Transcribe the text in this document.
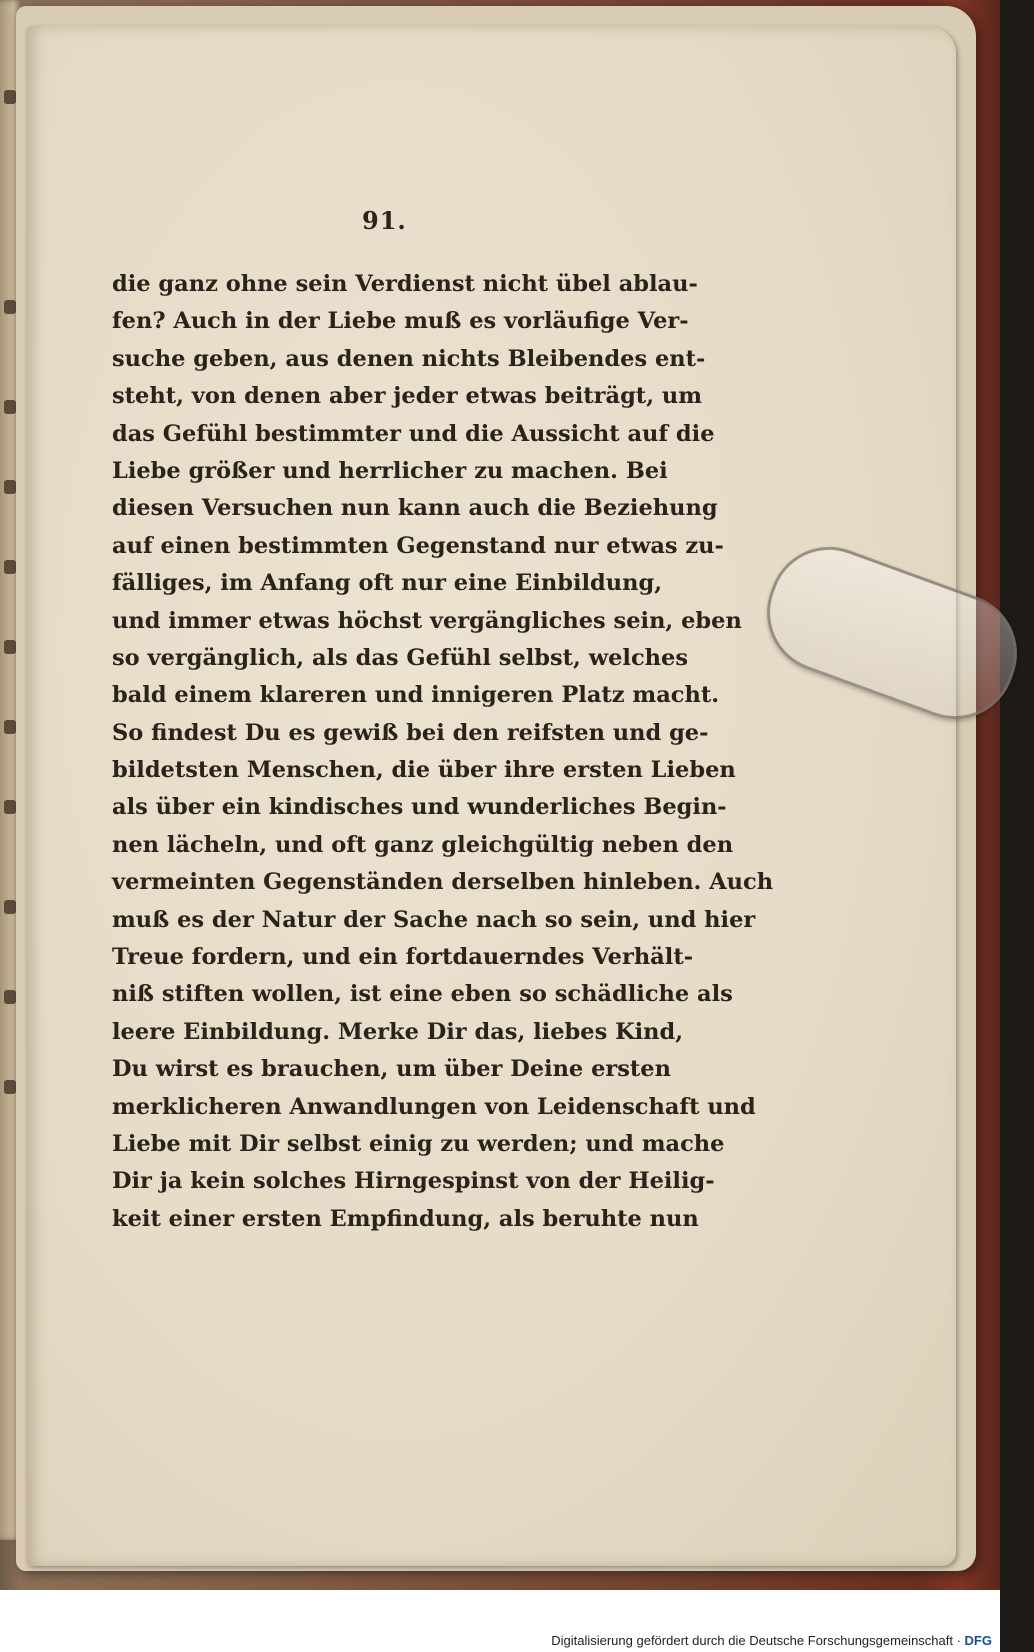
91.
die ganz ohne sein Verdienst nicht übel ablau-
fen? Auch in der Liebe muß es vorläufige Ver-
suche geben, aus denen nichts Bleibendes ent-
steht, von denen aber jeder etwas beiträgt, um
das Gefühl bestimmter und die Aussicht auf die
Liebe größer und herrlicher zu machen. Bei
diesen Versuchen nun kann auch die Beziehung
auf einen bestimmten Gegenstand nur etwas zu-
fälliges, im Anfang oft nur eine Einbildung,
und immer etwas höchst vergängliches sein, eben
so vergänglich, als das Gefühl selbst, welches
bald einem klareren und innigeren Platz macht.
So findest Du es gewiß bei den reifsten und ge-
bildetsten Menschen, die über ihre ersten Lieben
als über ein kindisches und wunderliches Begin-
nen lächeln, und oft ganz gleichgültig neben den
vermeinten Gegenständen derselben hinleben. Auch
muß es der Natur der Sache nach so sein, und hier
Treue fordern, und ein fortdauerndes Verhält-
niß stiften wollen, ist eine eben so schädliche als
leere Einbildung. Merke Dir das, liebes Kind,
Du wirst es brauchen, um über Deine ersten
merklicheren Anwandlungen von Leidenschaft und
Liebe mit Dir selbst einig zu werden; und mache
Dir ja kein solches Hirngespinst von der Heilig-
keit einer ersten Empfindung, als beruhte nun
Digitalisierung gefördert durch die Deutsche Forschungsgemeinschaft · DFG
